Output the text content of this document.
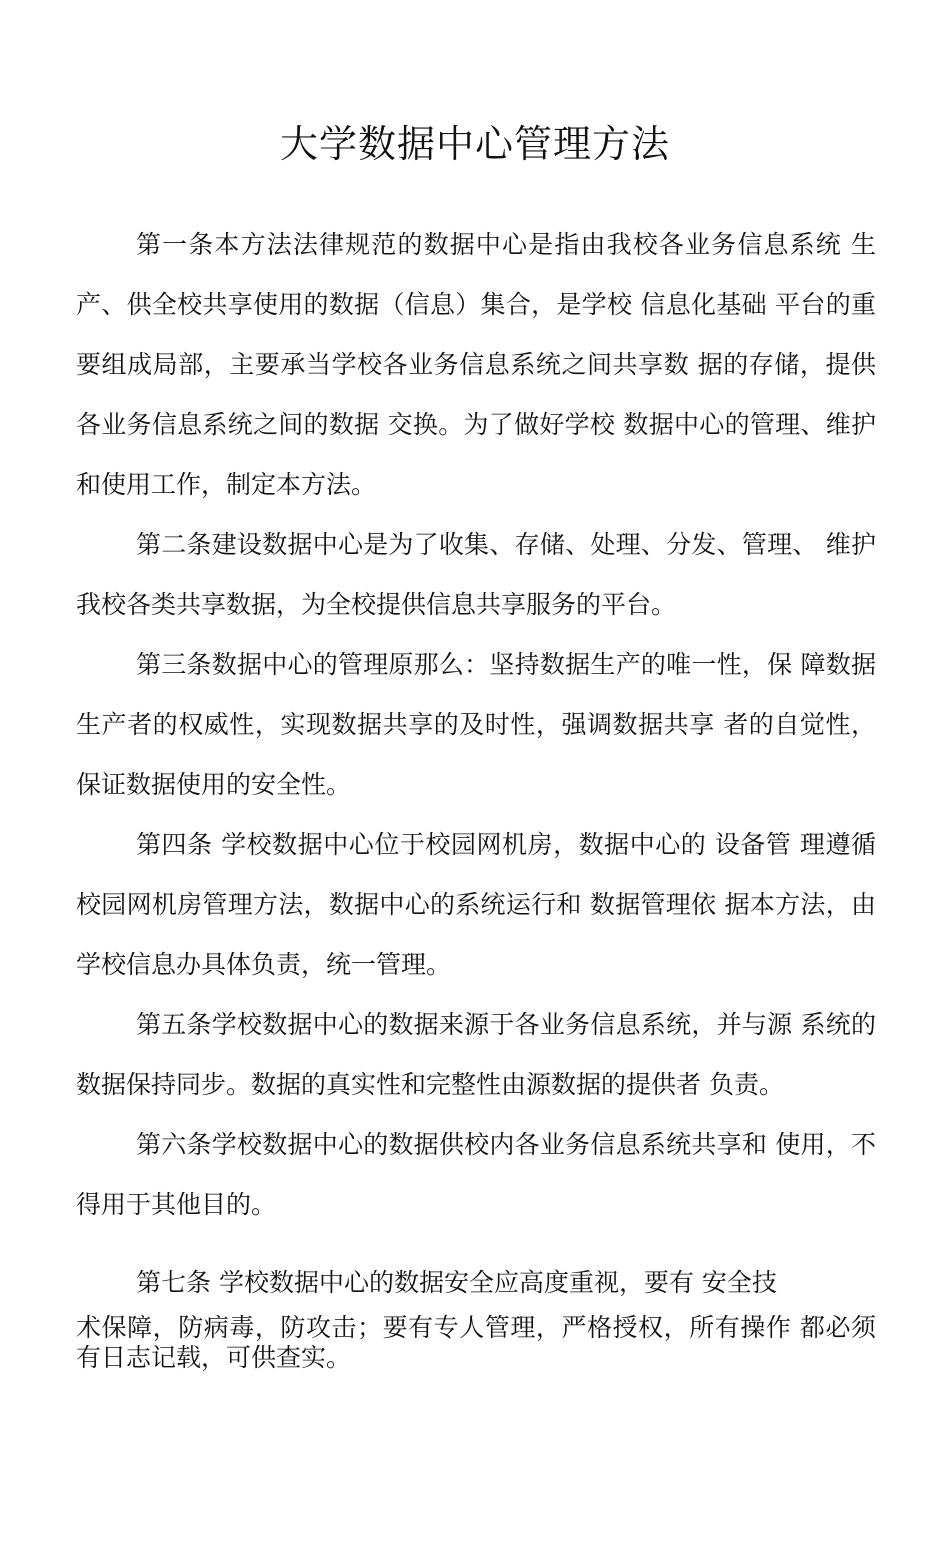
大学数据中心管理方法

第一条本方法法律规范的数据中心是指由我校各业务信息系统 生产、供全校共享使用的数据（信息）集合，是学校 信息化基础 平台的重要组成局部，主要承当学校各业务信息系统之间共享数 据的存储，提供各业务信息系统之间的数据 交换。为了做好学校 数据中心的管理、维护和使用工作，制定本方法。

第二条建设数据中心是为了收集、存储、处理、分发、管理、 维护我校各类共享数据，为全校提供信息共享服务的平台。

第三条数据中心的管理原那么：坚持数据生产的唯一性，保 障数据生产者的权威性，实现数据共享的及时性，强调数据共享 者的自觉性，保证数据使用的安全性。

第四条 学校数据中心位于校园网机房，数据中心的 设备管 理遵循校园网机房管理方法，数据中心的系统运行和 数据管理依 据本方法，由学校信息办具体负责，统一管理。

第五条学校数据中心的数据来源于各业务信息系统，并与源 系统的数据保持同步。数据的真实性和完整性由源数据的提供者 负责。

第六条学校数据中心的数据供校内各业务信息系统共享和 使用，不得用于其他目的。

第七条 学校数据中心的数据安全应高度重视，要有 安全技

术保障，防病毒，防攻击；要有专人管理，严格授权，所有操作 都必须有日志记载，可供查实。
